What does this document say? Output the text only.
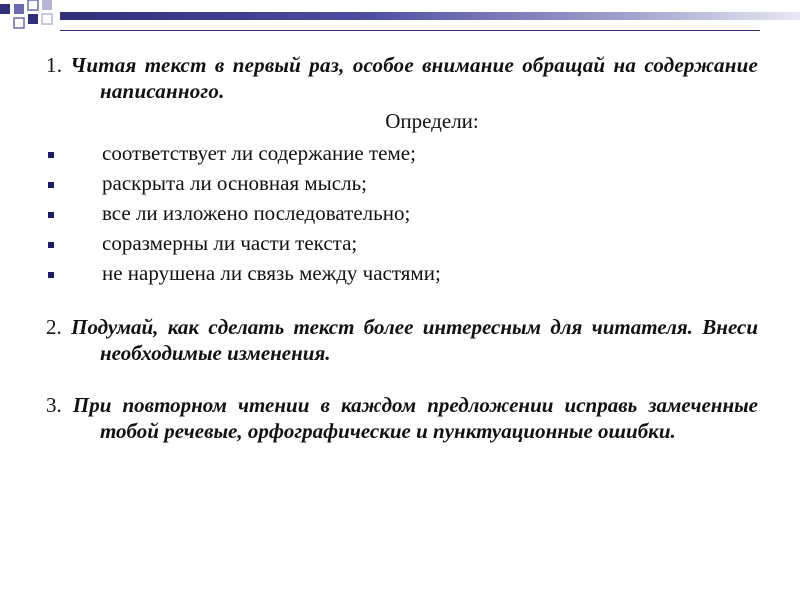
1. Читая текст в первый раз, особое внимание обращай на содержание написанного.
Определи:
соответствует ли содержание теме;
раскрыта ли основная мысль;
все ли изложено последовательно;
соразмерны ли части текста;
не нарушена ли связь между частями;
2. Подумай, как сделать текст более интересным для читателя. Внеси необходимые изменения.
3. При повторном чтении в каждом предложении исправь замеченные тобой речевые, орфографические и пунктуационные ошибки.
